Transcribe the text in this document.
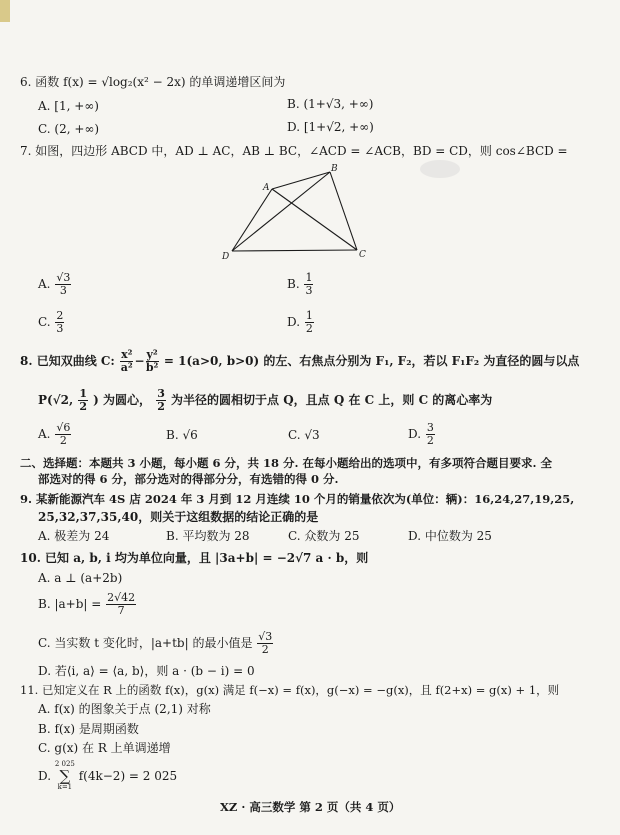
6. 函数 f(x) = √log₂(x² − 2x) 的单调递增区间为
A. [1, +∞)	B. (1+√3, +∞)
C. (2, +∞)	D. [1+√2, +∞)
7. 如图，四边形 ABCD 中，AD ⊥ AC，AB ⊥ BC，∠ACD = ∠ACB，BD = CD，则 cos∠BCD =
A
B
C
D
A. $\frac{√3}{3}$	B. $\frac{1}{3}$
C. $\frac{2}{3}$	D. $\frac{1}{2}$
8. 已知双曲线 C: $\frac{\text{x²}}{\text{a²}} - \frac{\text{y²}}{\text{b²}} = 1(a>0$, b>0) 的左、右焦点分别为 F₁, F₂，若以 F₁F₂ 为直径的圆与以点
P(√2, $\frac{1}{2}$ ) 为圆心， $\frac{3}{2}$ 为半径的圆相切于点 Q，且点 Q 在 C 上，则 C 的离心率为
A. $\frac{√6}{2}$	B. √6	C. √3	D. $\frac{3}{2}$
二、选择题：本题共 3 小题，每小题 6 分，共 18 分. 在每小题给出的选项中，有多项符合题目要求. 全
部选对的得 6 分，部分选对的得部分分，有选错的得 0 分.
9. 某新能源汽车 4S 店 2024 年 3 月到 12 月连续 10 个月的销量依次为(单位：辆)：16,24,27,19,25,
25,32,37,35,40，则关于这组数据的结论正确的是
A. 极差为 24	B. 平均数为 28	C. 众数为 25	D. 中位数为 25
10. 已知 a, b, i 均为单位向量，且 |3a+b| = −2√7 a · b，则
A. a ⊥ (a+2b)
B. $|a+b| = \frac{2√42}{7}$
C. 当实数 t 变化时，|a+tb| 的最小值是 $\frac{√3}{2}$
D. 若⟨i, a⟩ = ⟨a, b⟩，则 a · (b − i) = 0
11. 已知定义在 R 上的函数 f(x)，g(x) 满足 f(−x) = f(x)，g(−x) = −g(x)，且 f(2+x) = g(x) + 1，则
A. f(x) 的图象关于点 (2,1) 对称
B. f(x) 是周期函数
C. g(x) 在 R 上单调递增
D.
2 025
∑
k=1
f(4k−2) = 2 025
XZ · 高三数学 第 2 页（共 4 页）
